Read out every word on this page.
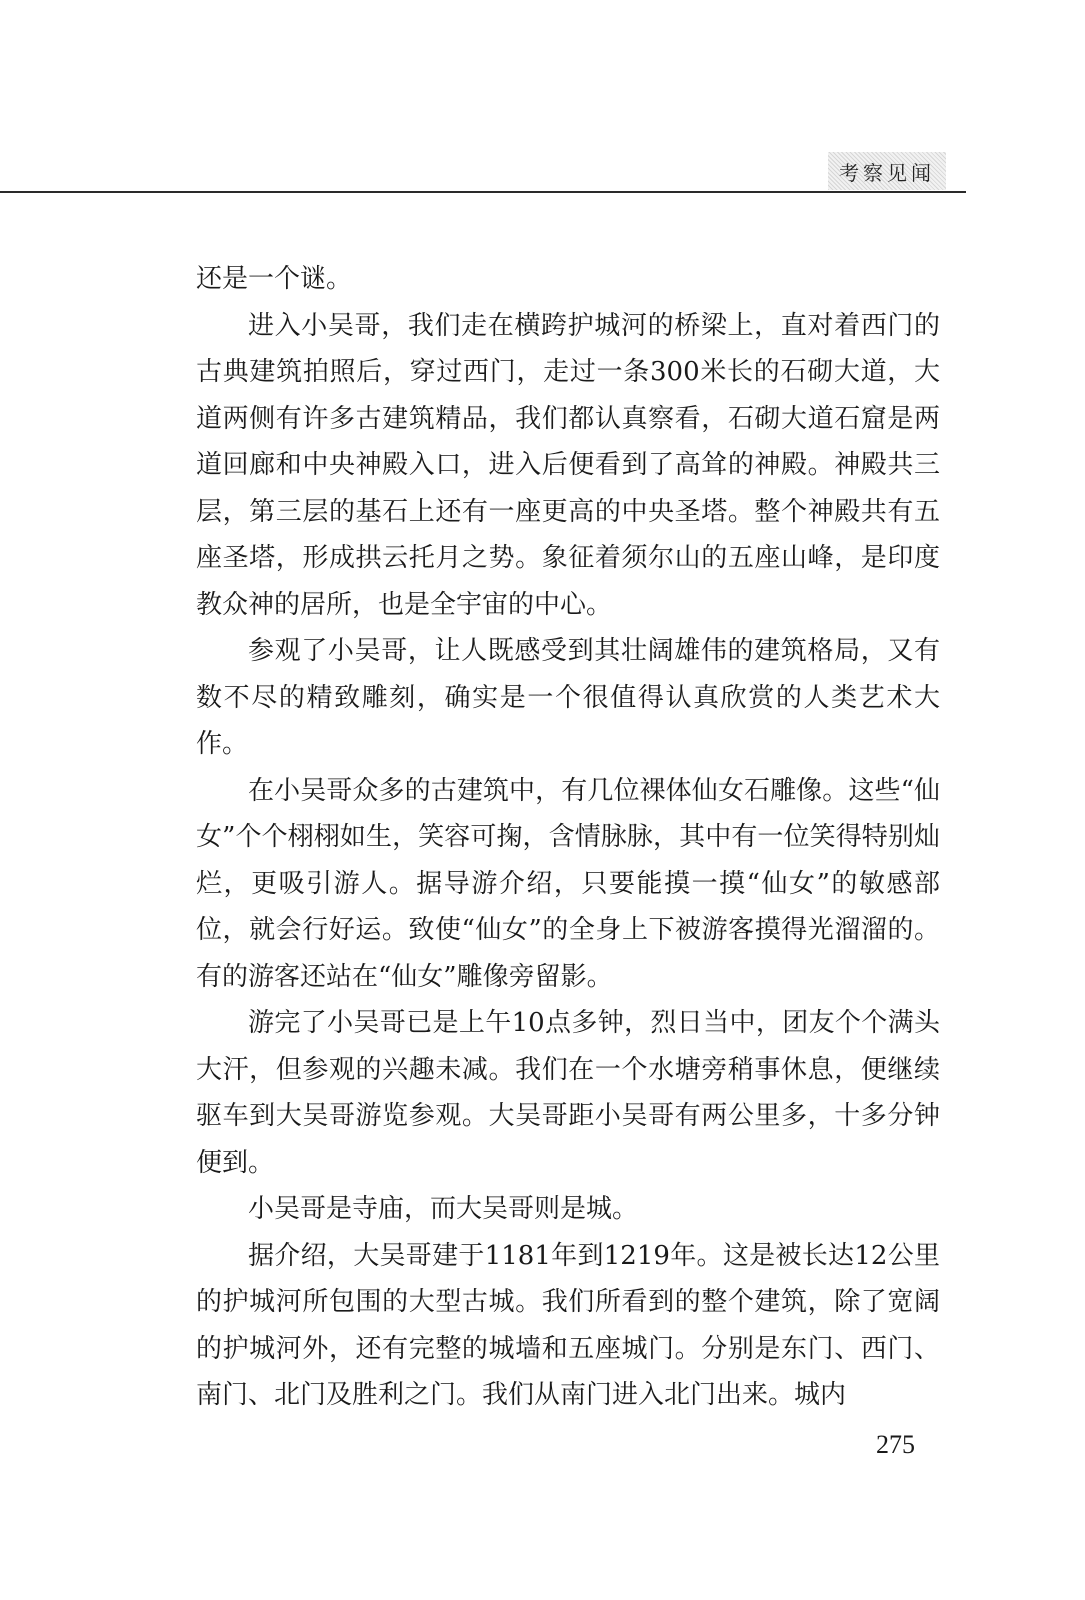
考察见闻

还是一个谜。

进入小吴哥，我们走在横跨护城河的桥梁上，直对着西门的古典建筑拍照后，穿过西门，走过一条300米长的石砌大道，大道两侧有许多古建筑精品，我们都认真察看，石砌大道石窟是两道回廊和中央神殿入口，进入后便看到了高耸的神殿。神殿共三层，第三层的基石上还有一座更高的中央圣塔。整个神殿共有五座圣塔，形成拱云托月之势。象征着须尔山的五座山峰，是印度教众神的居所，也是全宇宙的中心。

参观了小吴哥，让人既感受到其壮阔雄伟的建筑格局，又有数不尽的精致雕刻，确实是一个很值得认真欣赏的人类艺术大作。

在小吴哥众多的古建筑中，有几位裸体仙女石雕像。这些“仙女”个个栩栩如生，笑容可掬，含情脉脉，其中有一位笑得特别灿烂，更吸引游人。据导游介绍，只要能摸一摸“仙女”的敏感部位，就会行好运。致使“仙女”的全身上下被游客摸得光溜溜的。有的游客还站在“仙女”雕像旁留影。

游完了小吴哥已是上午10点多钟，烈日当中，团友个个满头大汗，但参观的兴趣未减。我们在一个水塘旁稍事休息，便继续驱车到大吴哥游览参观。大吴哥距小吴哥有两公里多，十多分钟便到。

小吴哥是寺庙，而大吴哥则是城。

据介绍，大吴哥建于1181年到1219年。这是被长达12公里的护城河所包围的大型古城。我们所看到的整个建筑，除了宽阔的护城河外，还有完整的城墙和五座城门。分别是东门、西门、南门、北门及胜利之门。我们从南门进入北门出来。城内

275
